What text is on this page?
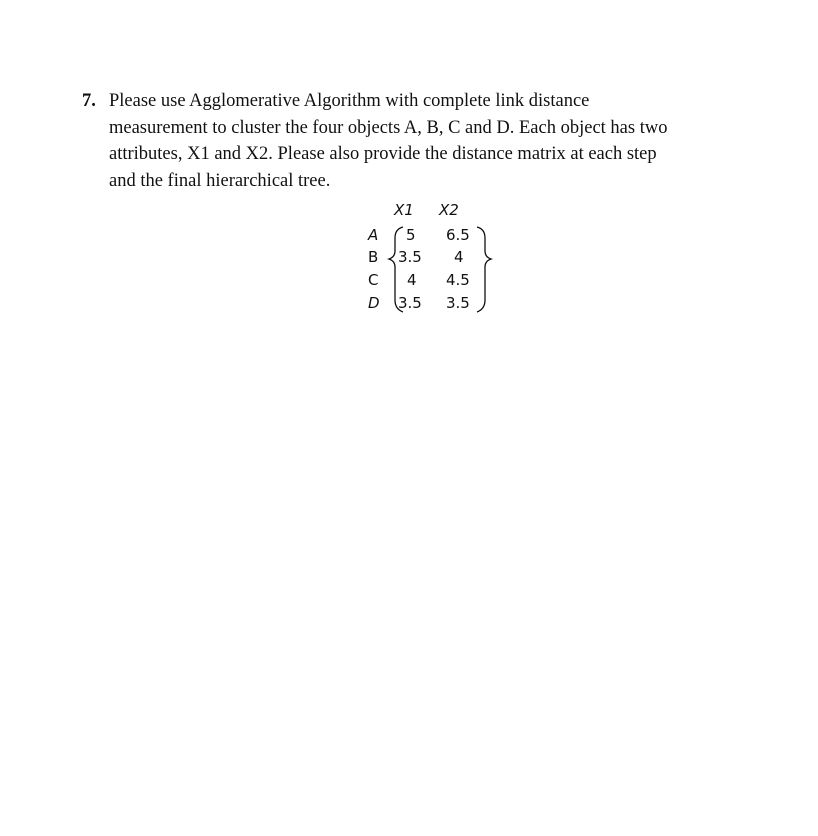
7. Please use Agglomerative Algorithm with complete link distance
measurement to cluster the four objects A, B, C and D. Each object has two
attributes, X1 and X2. Please also provide the distance matrix at each step
and the final hierarchical tree.
X1 X2
A
B
C
D
5
3.5
4
3.5
6.5
4
4.5
3.5
